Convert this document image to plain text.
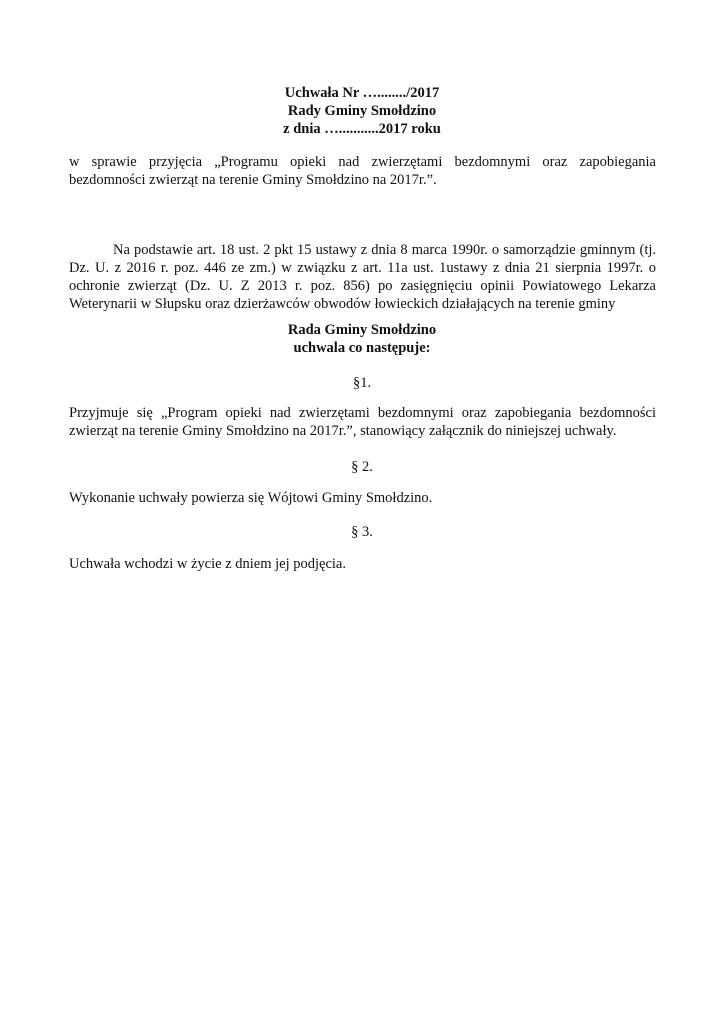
Uchwała Nr …......../2017
Rady Gminy Smołdzino
z dnia …...........2017 roku
w sprawie przyjęcia „Programu opieki nad zwierzętami bezdomnymi oraz zapobiegania bezdomności zwierząt na terenie Gminy Smołdzino na 2017r.”.
Na podstawie art. 18 ust. 2 pkt 15 ustawy z dnia 8 marca 1990r. o samorządzie gminnym (tj. Dz. U. z 2016 r. poz. 446 ze zm.) w związku z art. 11a ust. 1ustawy z dnia 21 sierpnia 1997r. o ochronie zwierząt (Dz. U. Z 2013 r. poz. 856) po zasięgnięciu opinii Powiatowego Lekarza Weterynarii w Słupsku oraz dzierżawców obwodów łowieckich działających na terenie gminy
Rada Gminy Smołdzino
uchwala co następuje:
§1.
Przyjmuje się „Program opieki nad zwierzętami bezdomnymi oraz zapobiegania bezdomności zwierząt na terenie Gminy Smołdzino na 2017r.”, stanowiący załącznik do niniejszej uchwały.
§ 2.
Wykonanie uchwały powierza się Wójtowi Gminy Smołdzino.
§ 3.
Uchwała wchodzi w życie z dniem jej podjęcia.
